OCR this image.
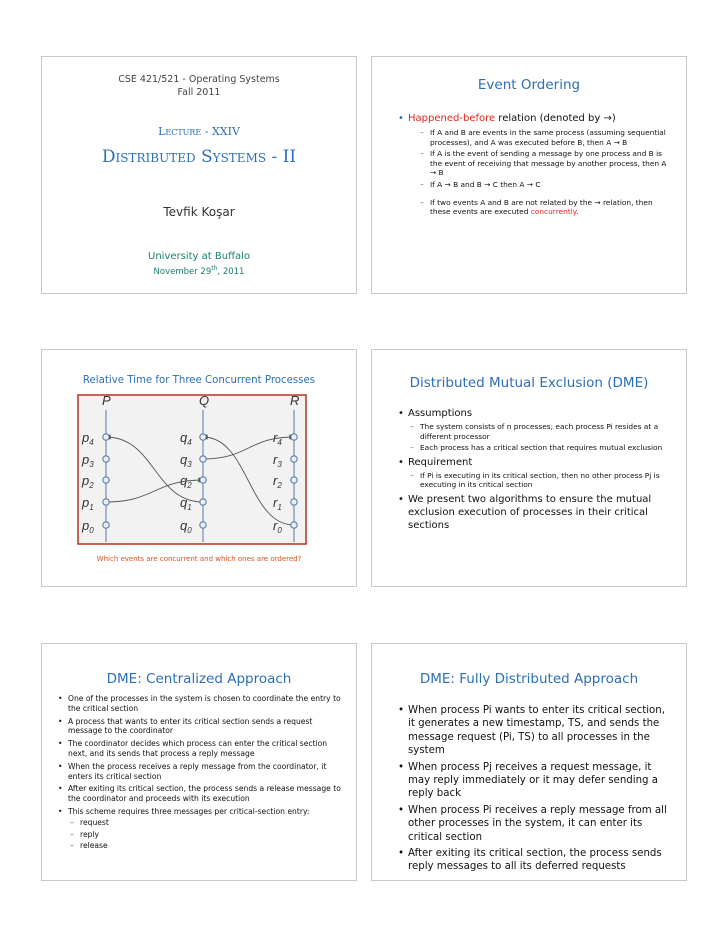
CSE 421/521 - Operating Systems
Fall 2011
Lecture - XXIV
Distributed Systems - II
Tevfik Koşar
University at Buffalo
November 29th, 2011
Event Ordering
• Happened-before relation (denoted by →)
– If A and B are events in the same process (assuming sequential processes), and A was executed before B, then A → B
– If A is the event of sending a message by one process and B is the event of receiving that message by another process, then A → B
– If A → B and B → C then A → C
– If two events A and B are not related by the → relation, then these events are executed concurrently.
Relative Time for Three Concurrent Processes
P
$p_0$
$p_1$
$p_2$
$p_3$
$p_4$
Q
$q_0$
$q_1$
$q_2$
$q_3$
$q_4$
R
$r_0$
$r_1$
$r_2$
$r_3$
$r_4$
Which events are concurrent and which ones are ordered?
Distributed Mutual Exclusion (DME)
• Assumptions
– The system consists of n processes; each process Pi resides at a different processor
– Each process has a critical section that requires mutual exclusion
• Requirement
– If Pi is executing in its critical section, then no other process Pj is executing in its critical section
• We present two algorithms to ensure the mutual exclusion execution of processes in their critical sections
DME: Centralized Approach
• One of the processes in the system is chosen to coordinate the entry to the critical section
• A process that wants to enter its critical section sends a request message to the coordinator
• The coordinator decides which process can enter the critical section next, and its sends that process a reply message
• When the process receives a reply message from the coordinator, it enters its critical section
• After exiting its critical section, the process sends a release message to the coordinator and proceeds with its execution
• This scheme requires three messages per critical-section entry:
– request
– reply
– release
DME: Fully Distributed Approach
• When process Pi wants to enter its critical section, it generates a new timestamp, TS, and sends the message request (Pi, TS) to all processes in the system
• When process Pj receives a request message, it may reply immediately or it may defer sending a reply back
• When process Pi receives a reply message from all other processes in the system, it can enter its critical section
• After exiting its critical section, the process sends reply messages to all its deferred requests
